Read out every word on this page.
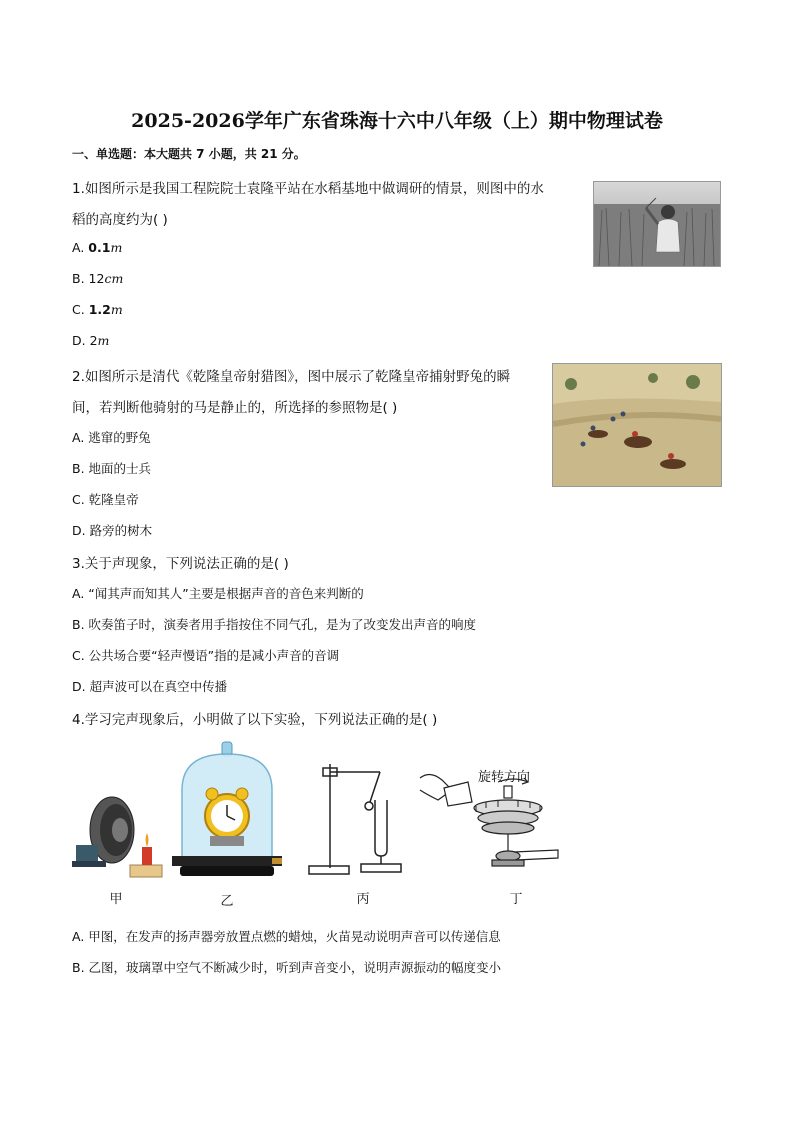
2025-2026学年广东省珠海十六中八年级（上）期中物理试卷
一、单选题：本大题共 7 小题，共 21 分。
1.如图所示是我国工程院院士袁隆平站在水稻基地中做调研的情景，则图中的水
稻的高度约为( )
A. 0.1m
B. 12cm
C. 1.2m
D. 2m
2.如图所示是清代《乾隆皇帝射猎图》，图中展示了乾隆皇帝捕射野兔的瞬
间，若判断他骑射的马是静止的，所选择的参照物是( )
A. 逃窜的野兔
B. 地面的士兵
C. 乾隆皇帝
D. 路旁的树木
3.关于声现象，下列说法正确的是( )
A. “闻其声而知其人”主要是根据声音的音色来判断的
B. 吹奏笛子时，演奏者用手指按住不同气孔，是为了改变发出声音的响度
C. 公共场合要“轻声慢语”指的是减小声音的音调
D. 超声波可以在真空中传播
4.学习完声现象后，小明做了以下实验，下列说法正确的是( )
甲	乙	丙
旋转方向
丁
A. 甲图，在发声的扬声器旁放置点燃的蜡烛，火苗晃动说明声音可以传递信息
B. 乙图，玻璃罩中空气不断减少时，听到声音变小，说明声源振动的幅度变小
